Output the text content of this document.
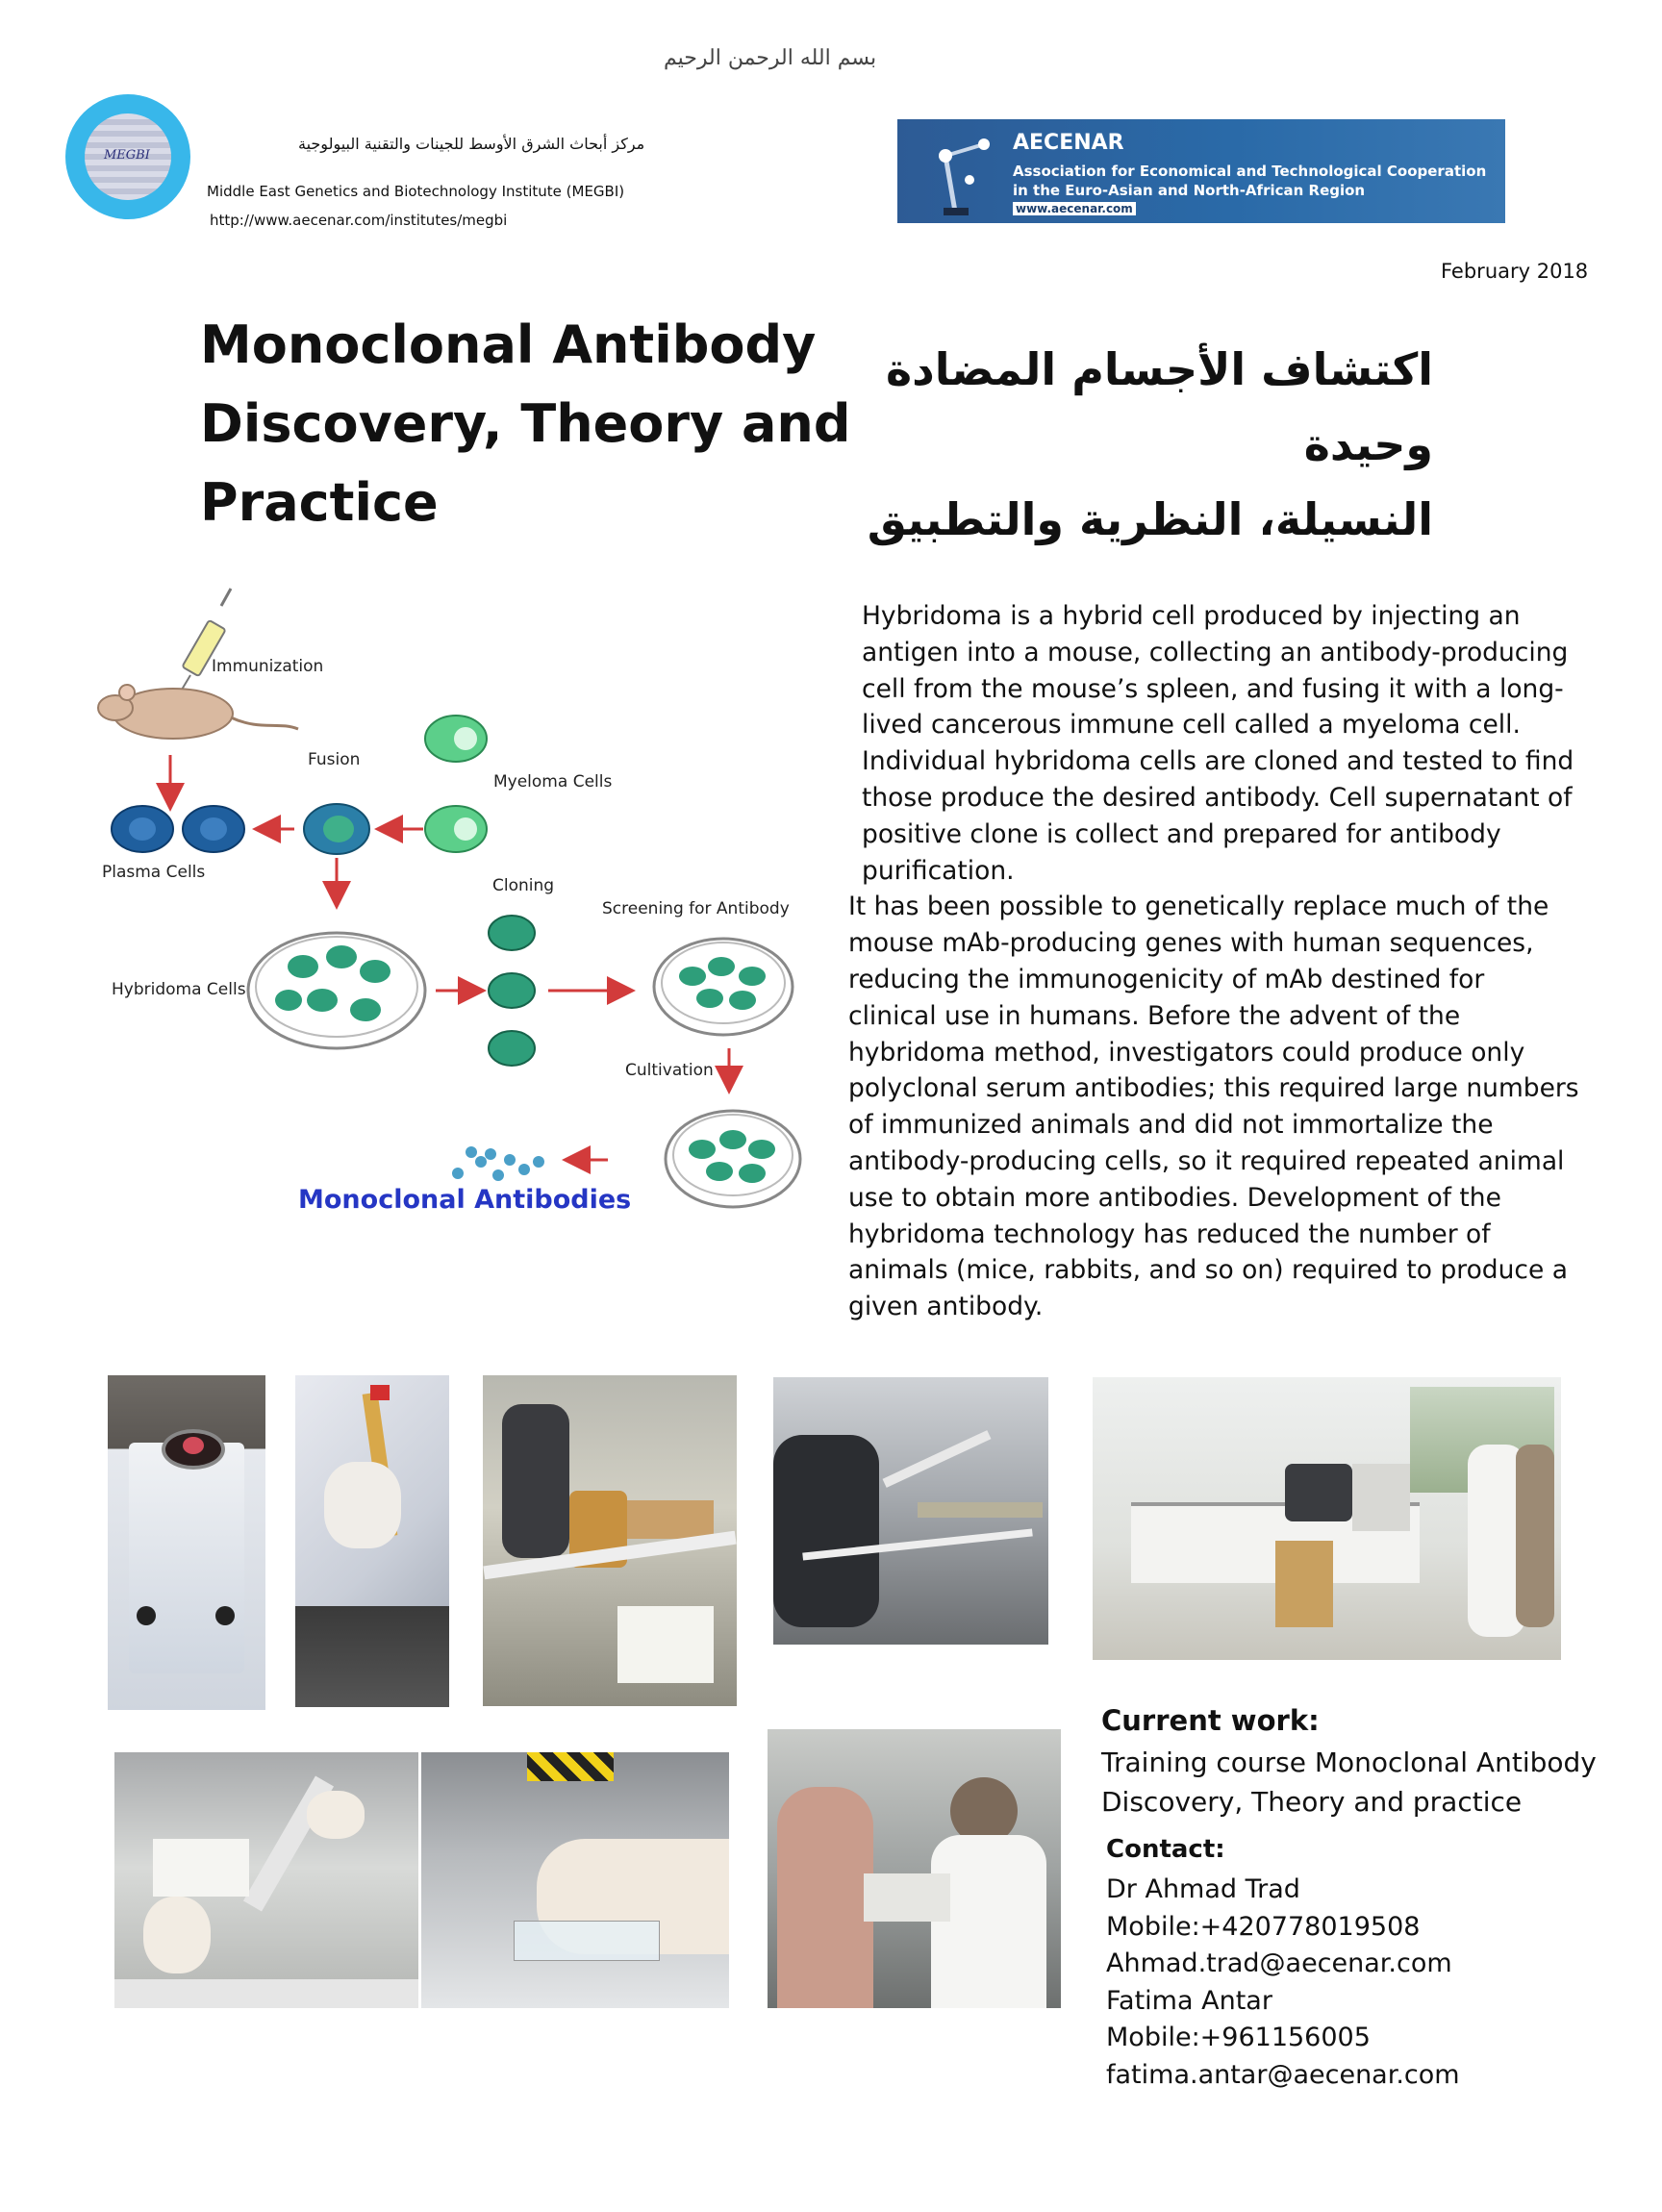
بسم الله الرحمن الرحيم
MEGBI
مركز أبحاث الشرق الأوسط للجينات والتقنية البيولوجية
Middle East Genetics and Biotechnology Institute (MEGBI)
http://www.aecenar.com/institutes/megbi
AECENAR
Association for Economical and Technological Cooperation
in the Euro-Asian and North-African Region
www.aecenar.com
February 2018
Monoclonal Antibody
Discovery, Theory and
Practice
اكتشاف الأجسام المضادة وحيدة
النسيلة، النظرية والتطبيق
Immunization
Plasma Cells
Fusion
Myeloma Cells
Hybridoma Cells
Cloning
Screening for Antibody
Cultivation
Monoclonal Antibodies

Hybridoma is a hybrid cell produced by injecting an antigen into a mouse, collecting an antibody-producing cell from the mouse’s spleen, and fusing it with a long-lived cancerous immune cell called a myeloma cell. Individual hybridoma cells are cloned and tested to find those produce the desired antibody. Cell supernatant of positive clone is collect and prepared for antibody purification.

It has been possible to genetically replace much of the mouse mAb-producing genes with human sequences, reducing the immunogenicity of mAb destined for clinical use in humans. Before the advent of the hybridoma method, investigators could produce only polyclonal serum antibodies; this required large numbers of immunized animals and did not immortalize the antibody-producing cells, so it required repeated animal use to obtain more antibodies. Development of the hybridoma technology has reduced the number of animals (mice, rabbits, and so on) required to produce a given antibody.

Current work:
Training course Monoclonal Antibody
Discovery, Theory and practice
Contact:
Dr Ahmad Trad
Mobile:+420778019508
Ahmad.trad@aecenar.com
Fatima Antar
Mobile:+961156005
fatima.antar@aecenar.com
